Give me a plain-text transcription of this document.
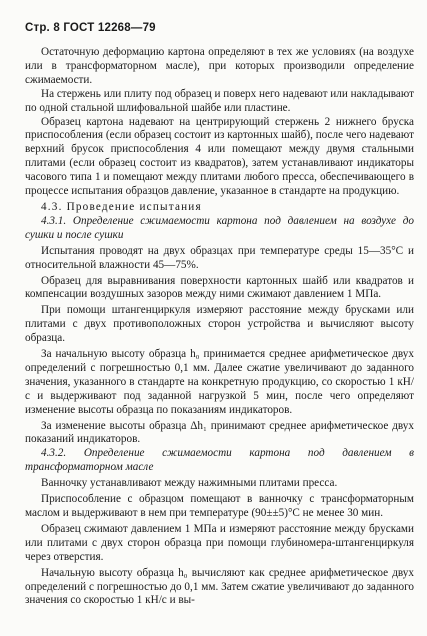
Стр. 8 ГОСТ 12268—79

Остаточную деформацию картона определяют в тех же условиях (на воздухе или в трансформаторном масле), при которых производили определение сжимаемости.

На стержень или плиту под образец и поверх него надевают или накладывают по одной стальной шлифовальной шайбе или пластине.

Образец картона надевают на центрирующий стержень 2 нижнего бруска приспособления (если образец состоит из картонных шайб), после чего надевают верхний брусок приспособления 4 или помещают между двумя стальными плитами (если образец состоит из квадратов), затем устанавливают индикаторы часового типа 1 и помещают между плитами любого пресса, обеспечивающего в процессе испытания образцов давление, указанное в стандарте на продукцию.

4.3. Проведение испытания

4.3.1. Определение сжимаемости картона под давлением на воздухе до сушки и после сушки

Испытания проводят на двух образцах при температуре среды 15—35°С и относительной влажности 45—75%.

Образец для выравнивания поверхности картонных шайб или квадратов и компенсации воздушных зазоров между ними сжимают давлением 1 МПа.

При помощи штангенциркуля измеряют расстояние между брусками или плитами с двух противоположных сторон устройства и вычисляют высоту образца.

За начальную высоту образца h₀ принимается среднее арифметическое двух определений с погрешностью 0,1 мм. Далее сжатие увеличивают до заданного значения, указанного в стандарте на конкретную продукцию, со скоростью 1 кН/с и выдерживают под заданной нагрузкой 5 мин, после чего определяют изменение высоты образца по показаниям индикаторов.

За изменение высоты образца Δh₁ принимают среднее арифметическое двух показаний индикаторов.

4.3.2. Определение сжимаемости картона под давлением в трансформаторном масле

Ванночку устанавливают между нажимными плитами пресса.

Приспособление с образцом помещают в ванночку с трансформаторным маслом и выдерживают в нем при температуре (90±±5)°С не менее 30 мин.

Образец сжимают давлением 1 МПа и измеряют расстояние между брусками или плитами с двух сторон образца при помощи глубиномера-штангенциркуля через отверстия.

Начальную высоту образца h₀ вычисляют как среднее арифметическое двух определений с погрешностью до 0,1 мм. Затем сжатие увеличивают до заданного значения со скоростью 1 кН/с и вы-
